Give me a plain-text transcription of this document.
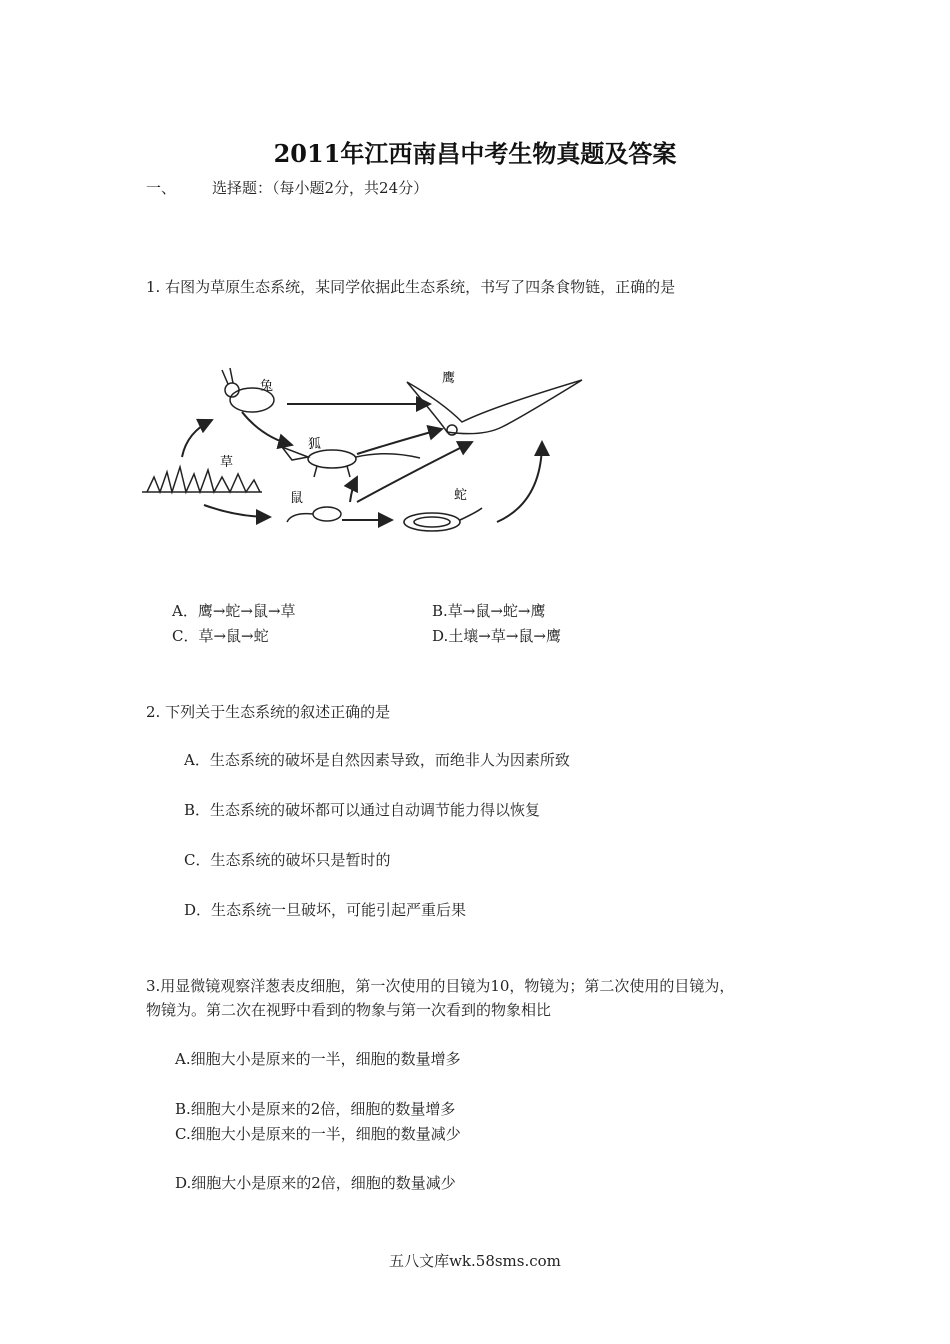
2011年江西南昌中考生物真题及答案
一、 选择题：（每小题2分，共24分）
1. 右图为草原生态系统，某同学依据此生态系统，书写了四条食物链，正确的是
兔
鹰
狐
草
鼠	蛇
A．鹰→蛇→鼠→草	B.草→鼠→蛇→鹰
C．草→鼠→蛇	D.土壤→草→鼠→鹰
2. 下列关于生态系统的叙述正确的是
A．生态系统的破坏是自然因素导致，而绝非人为因素所致
B．生态系统的破坏都可以通过自动调节能力得以恢复
C．生态系统的破坏只是暂时的
D．生态系统一旦破坏，可能引起严重后果
3.用显微镜观察洋葱表皮细胞，第一次使用的目镜为10，物镜为；第二次使用的目镜为，
物镜为。第二次在视野中看到的物象与第一次看到的物象相比
A.细胞大小是原来的一半，细胞的数量增多
B.细胞大小是原来的2倍，细胞的数量增多
C.细胞大小是原来的一半，细胞的数量减少
D.细胞大小是原来的2倍，细胞的数量减少
五八文库wk.58sms.com
